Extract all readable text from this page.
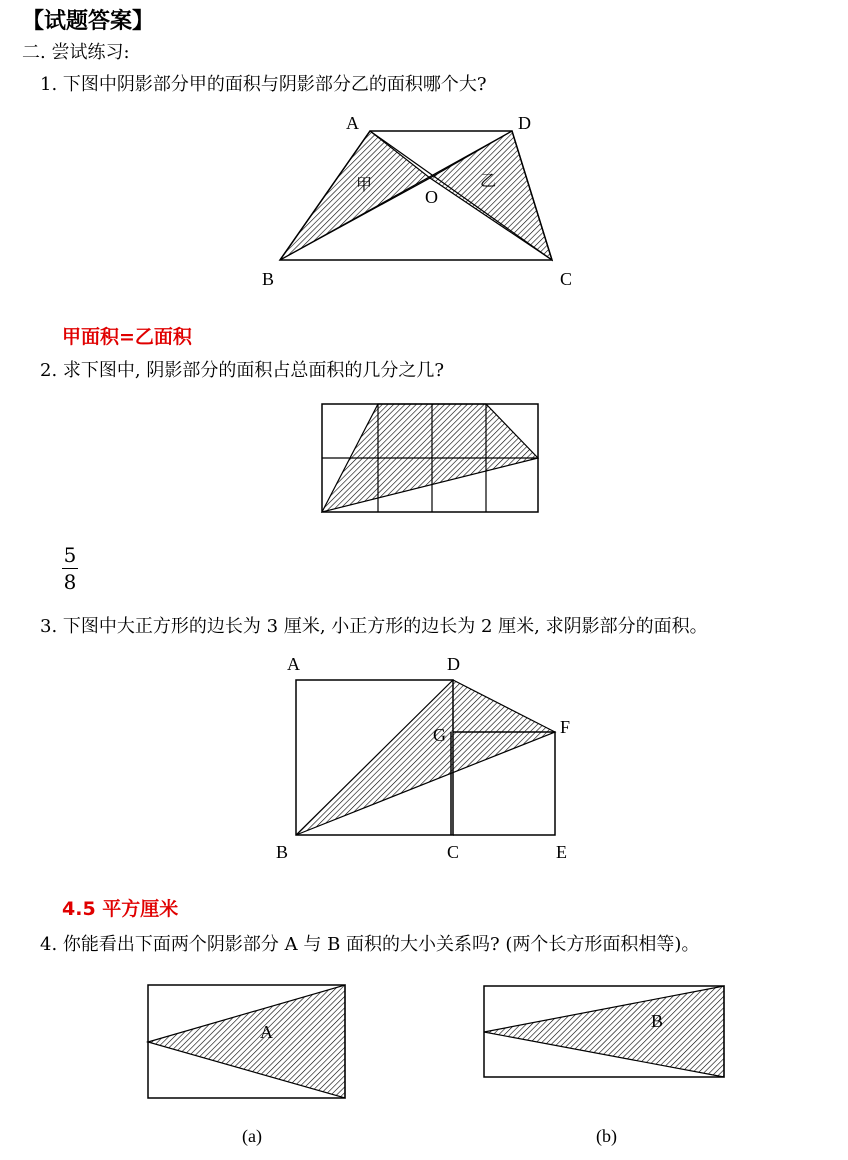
【试题答案】
二. 尝试练习:
1. 下图中阴影部分甲的面积与阴影部分乙的面积哪个大?
A	D
B	C
O
甲	乙
A	D
G	F
B	C	E
A
(a)
B
(b)
甲面积=乙面积
2. 求下图中, 阴影部分的面积占总面积的几分之几?
5
8
3. 下图中大正方形的边长为 3 厘米, 小正方形的边长为 2 厘米, 求阴影部分的面积。
4.5 平方厘米
4. 你能看出下面两个阴影部分 A 与 B 面积的大小关系吗? (两个长方形面积相等)。
